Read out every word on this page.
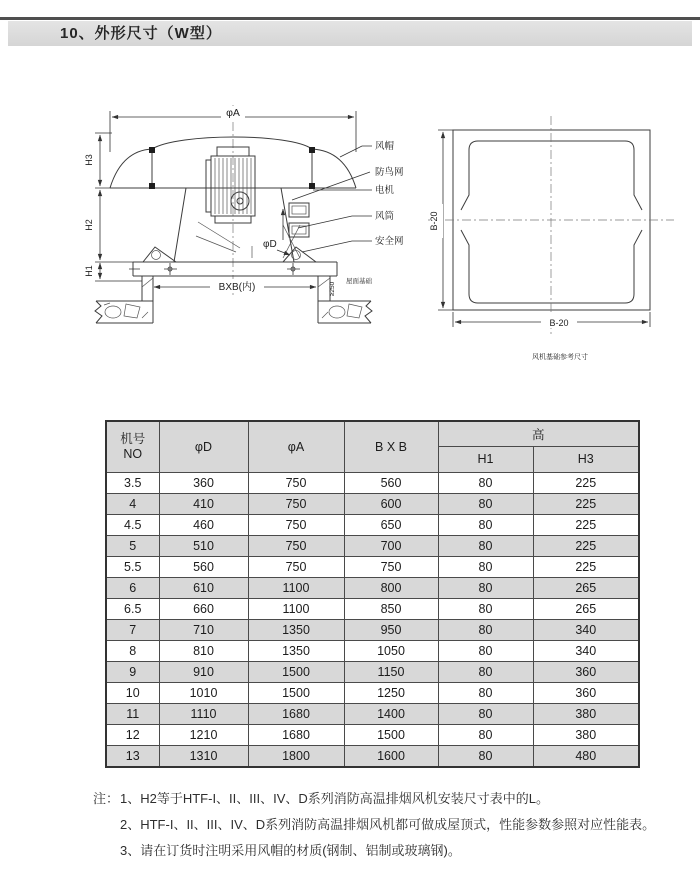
10、外形尺寸（W型）
φA
φD
BXB(内)	≥250
屋面基础
H3
H2
H1
风帽
防鸟网
电机
风筒
安全网
B-20
B-20
风机基础参考尺寸
机号
NO	φD	φA	B X B	高	
				H1	H3
3.5	360	750	560	80	225
4	410	750	600	80	225
4.5	460	750	650	80	225
5	510	750	700	80	225
5.5	560	750	750	80	225
6	610	1100	800	80	265
6.5	660	1100	850	80	265
7	710	1350	950	80	340
8	810	1350	1050	80	340
9	910	1500	1150	80	360
10	1010	1500	1250	80	360
11	1110	1680	1400	80	380
12	1210	1680	1500	80	380
13	1310	1800	1600	80	480
注： 1、H2等于HTF-I、II、III、IV、D系列消防高温排烟风机安装尺寸表中的L。
2、HTF-I、II、III、IV、D系列消防高温排烟风机都可做成屋顶式，性能参数参照对应性能表。
3、请在订货时注明采用风帽的材质(钢制、铝制或玻璃钢)。
